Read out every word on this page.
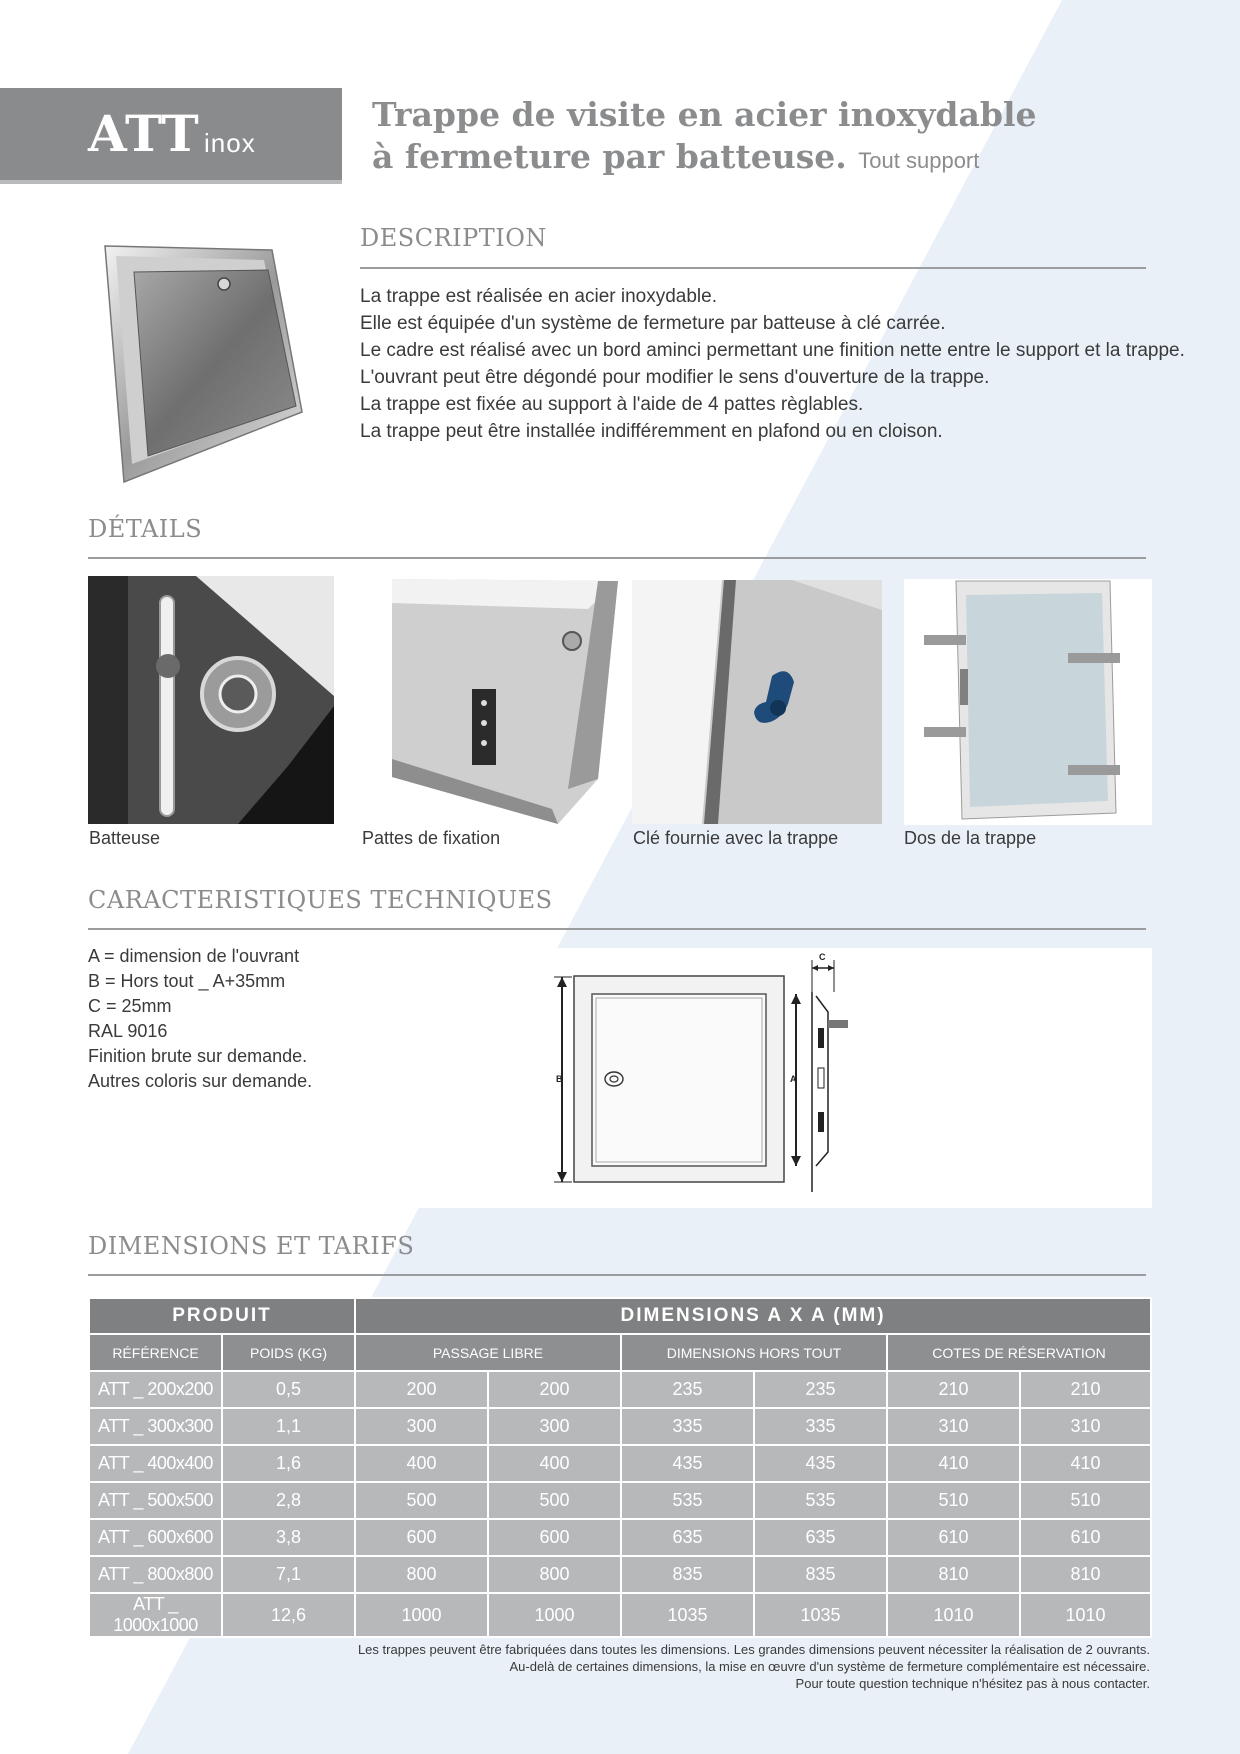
ATT inox
Trappe de visite en acier inoxydable
à fermeture par batteuse. Tout support
DESCRIPTION
La trappe est réalisée en acier inoxydable.
Elle est équipée d'un système de fermeture par batteuse à clé carrée.
Le cadre est réalisé avec un bord aminci permettant une finition nette entre le support et la trappe.
L'ouvrant peut être dégondé pour modifier le sens d'ouverture de la trappe.
La trappe est fixée au support à l'aide de 4 pattes règlables.
La trappe peut être installée indifféremment en plafond ou en cloison.
DÉTAILS
Batteuse	Pattes de fixation	Clé fournie avec la trappe	Dos de la trappe
CARACTERISTIQUES TECHNIQUES
A = dimension de l'ouvrant
B = Hors tout _ A+35mm
C = 25mm
RAL 9016
Finition brute sur demande.
Autres coloris sur demande.	B	A
C
DIMENSIONS ET TARIFS
PRODUIT		DIMENSIONS A X A (MM)					
RÉFÉRENCE	POIDS (KG)	PASSAGE LIBRE		DIMENSIONS HORS TOUT		COTES DE RÉSERVATION	
ATT _ 200x200	0,5	200	200	235	235	210	210
ATT _ 300x300	1,1	300	300	335	335	310	310
ATT _ 400x400	1,6	400	400	435	435	410	410
ATT _ 500x500	2,8	500	500	535	535	510	510
ATT _ 600x600	3,8	600	600	635	635	610	610
ATT _ 800x800	7,1	800	800	835	835	810	810
ATT _ 1000x1000	12,6	1000	1000	1035	1035	1010	1010
Les trappes peuvent être fabriquées dans toutes les dimensions. Les grandes dimensions peuvent nécessiter la réalisation de 2 ouvrants.
Au-delà de certaines dimensions, la mise en œuvre d'un système de fermeture complémentaire est nécessaire.
Pour toute question technique n'hésitez pas à nous contacter.
